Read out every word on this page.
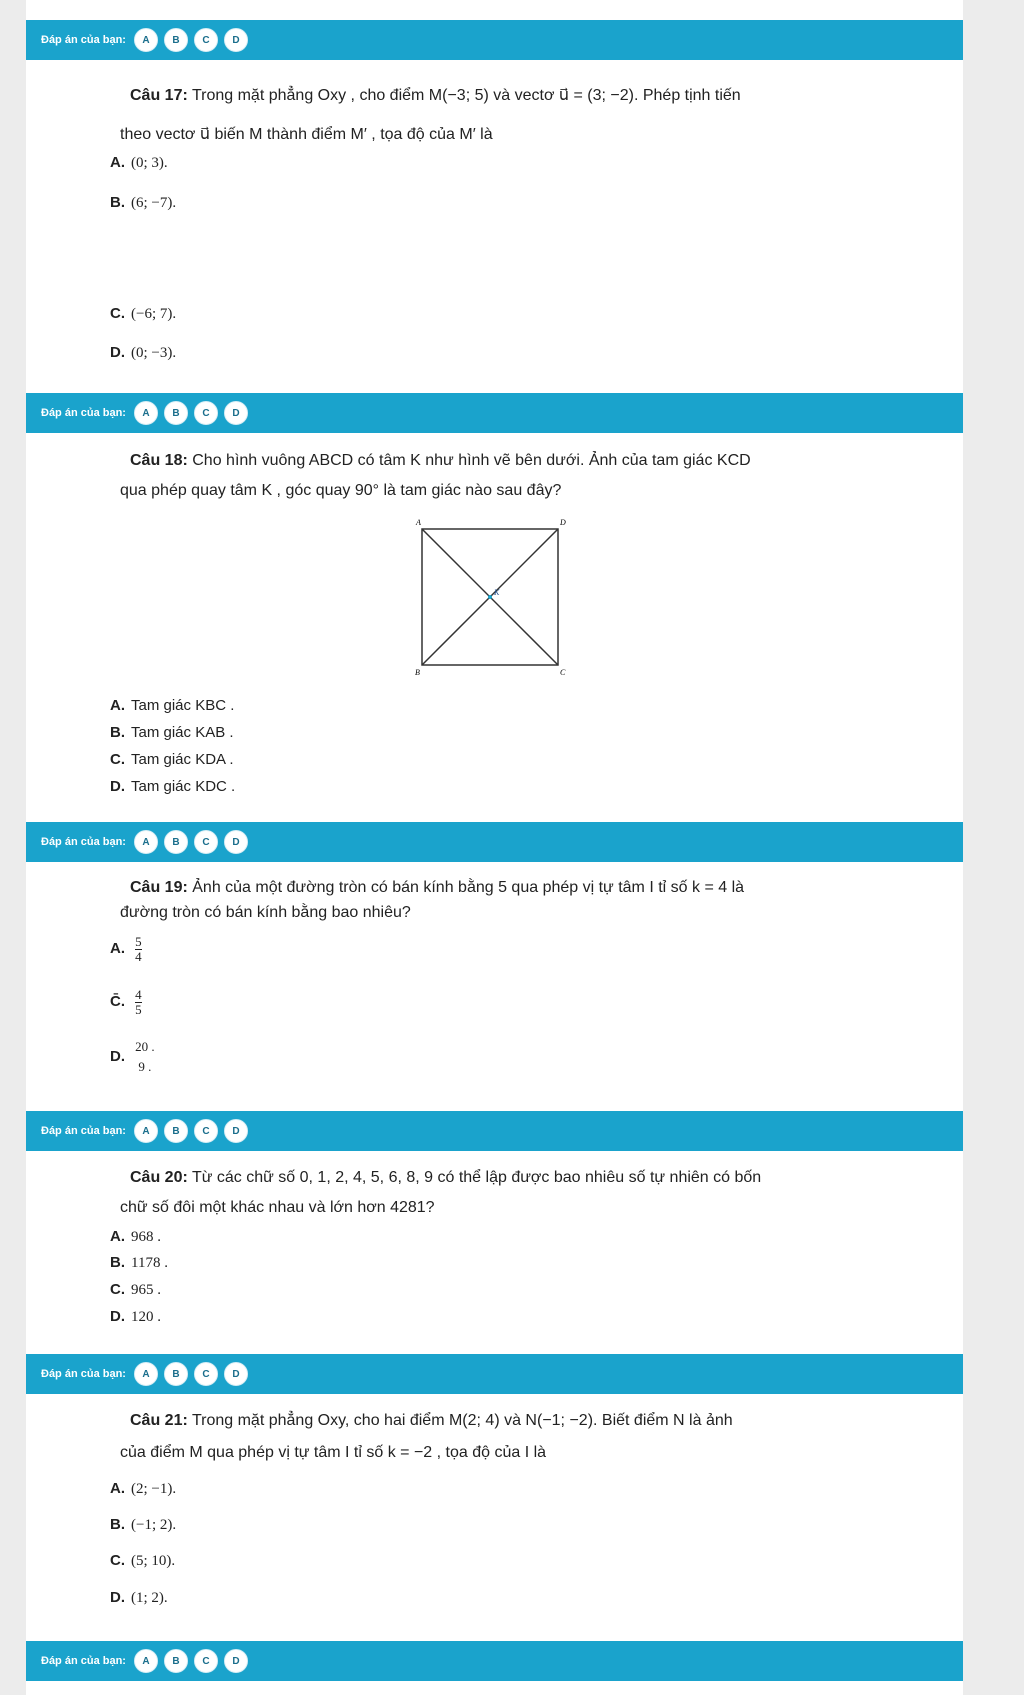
Đáp án của bạn:	A	B	C	D
Câu 17: Trong mặt phẳng Oxy , cho điểm M(−3; 5) và vectơ u⃗ = (3; −2). Phép tịnh tiến
theo vectơ u⃗ biến M thành điểm M′ , tọa độ của M′ là
A. (0; 3).
B. (6; −7).
C. (−6; 7).
D. (0; −3).
Đáp án của bạn:	A	B	C	D
Câu 18: Cho hình vuông ABCD có tâm K như hình vẽ bên dưới. Ảnh của tam giác KCD
qua phép quay tâm K , góc quay 90° là tam giác nào sau đây?
A	D
B	C
K
A. Tam giác KBC .
B. Tam giác KAB .
C. Tam giác KDA .
D. Tam giác KDC .
Đáp án của bạn:	A	B	C	D
Câu 19: Ảnh của một đường tròn có bán kính bằng 5 qua phép vị tự tâm I tỉ số k = 4 là
đường tròn có bán kính bằng bao nhiêu?
A. $\frac{5}{4}$
C̄. $\frac{4}{5}$
D.
20 .
9 .
Đáp án của bạn:	A	B	C	D
Câu 20: Từ các chữ số 0, 1, 2, 4, 5, 6, 8, 9 có thể lập được bao nhiêu số tự nhiên có bốn
chữ số đôi một khác nhau và lớn hơn 4281?
A. 968 .
B. 1178 .
C. 965 .
D. 120 .
Đáp án của bạn:	A	B	C	D
Câu 21: Trong mặt phẳng Oxy, cho hai điểm M(2; 4) và N(−1; −2). Biết điểm N là ảnh
của điểm M qua phép vị tự tâm I tỉ số k = −2 , tọa độ của I là
A. (2; −1).
B. (−1; 2).
C. (5; 10).
D. (1; 2).
Đáp án của bạn:	A	B	C	D
